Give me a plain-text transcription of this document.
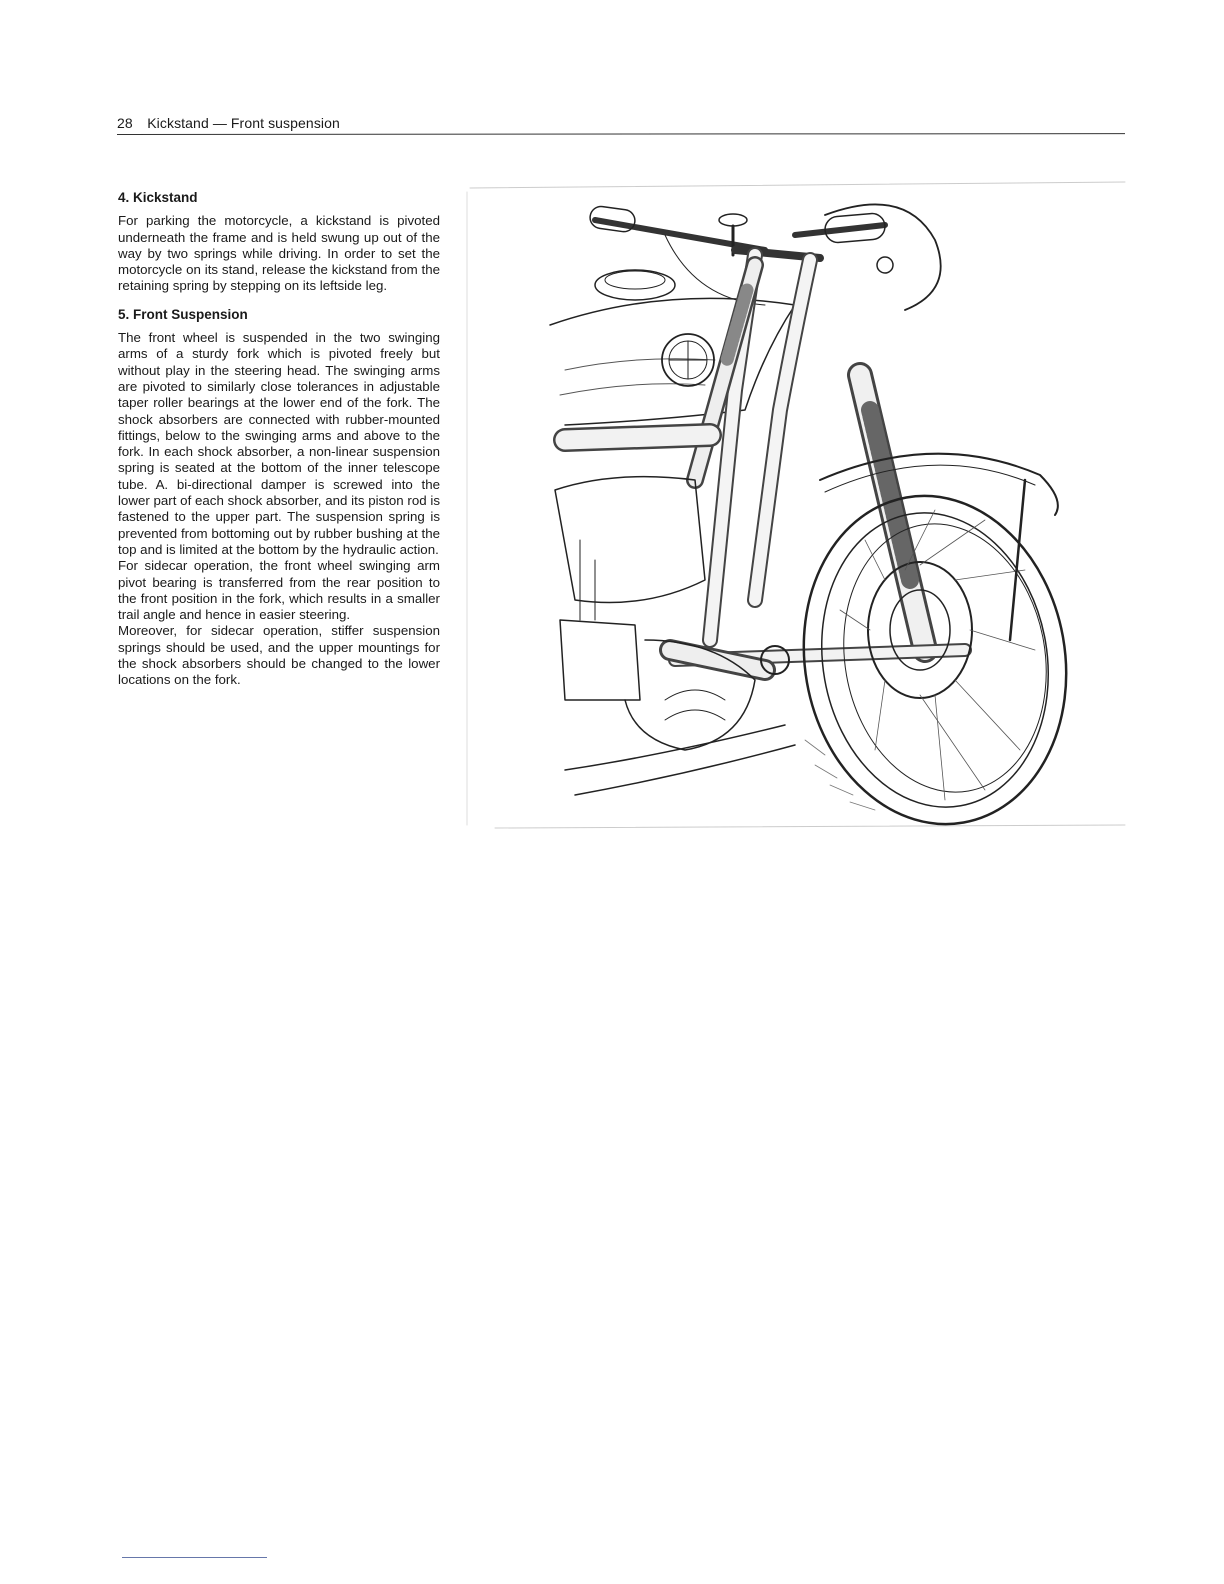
28 Kickstand — Front suspension
4. Kickstand

For parking the motorcycle, a kickstand is pivoted underneath the frame and is held swung up out of the way by two springs while driving. In order to set the motorcycle on its stand, release the kickstand from the retaining spring by stepping on its leftside leg.

5. Front Suspension

The front wheel is suspended in the two swinging arms of a sturdy fork which is pivoted freely but without play in the steering head. The swinging arms are pivoted to similarly close tolerances in adjustable taper roller bearings at the lower end of the fork. The shock absorbers are connected with rubber-mounted fittings, below to the swinging arms and above to the fork. In each shock absorber, a non-linear suspension spring is seated at the bottom of the inner telescope tube. A. bi-directional damper is screwed into the lower part of each shock absorber, and its piston rod is fastened to the upper part. The suspension spring is prevented from bottoming out by rubber bushing at the top and is limited at the bottom by the hydraulic action.

For sidecar operation, the front wheel swinging arm pivot bearing is transferred from the rear position to the front position in the fork, which results in a smaller trail angle and hence in easier steering.

Moreover, for sidecar operation, stiffer suspension springs should be used, and the upper mountings for the shock absorbers should be changed to the lower locations on the fork.
